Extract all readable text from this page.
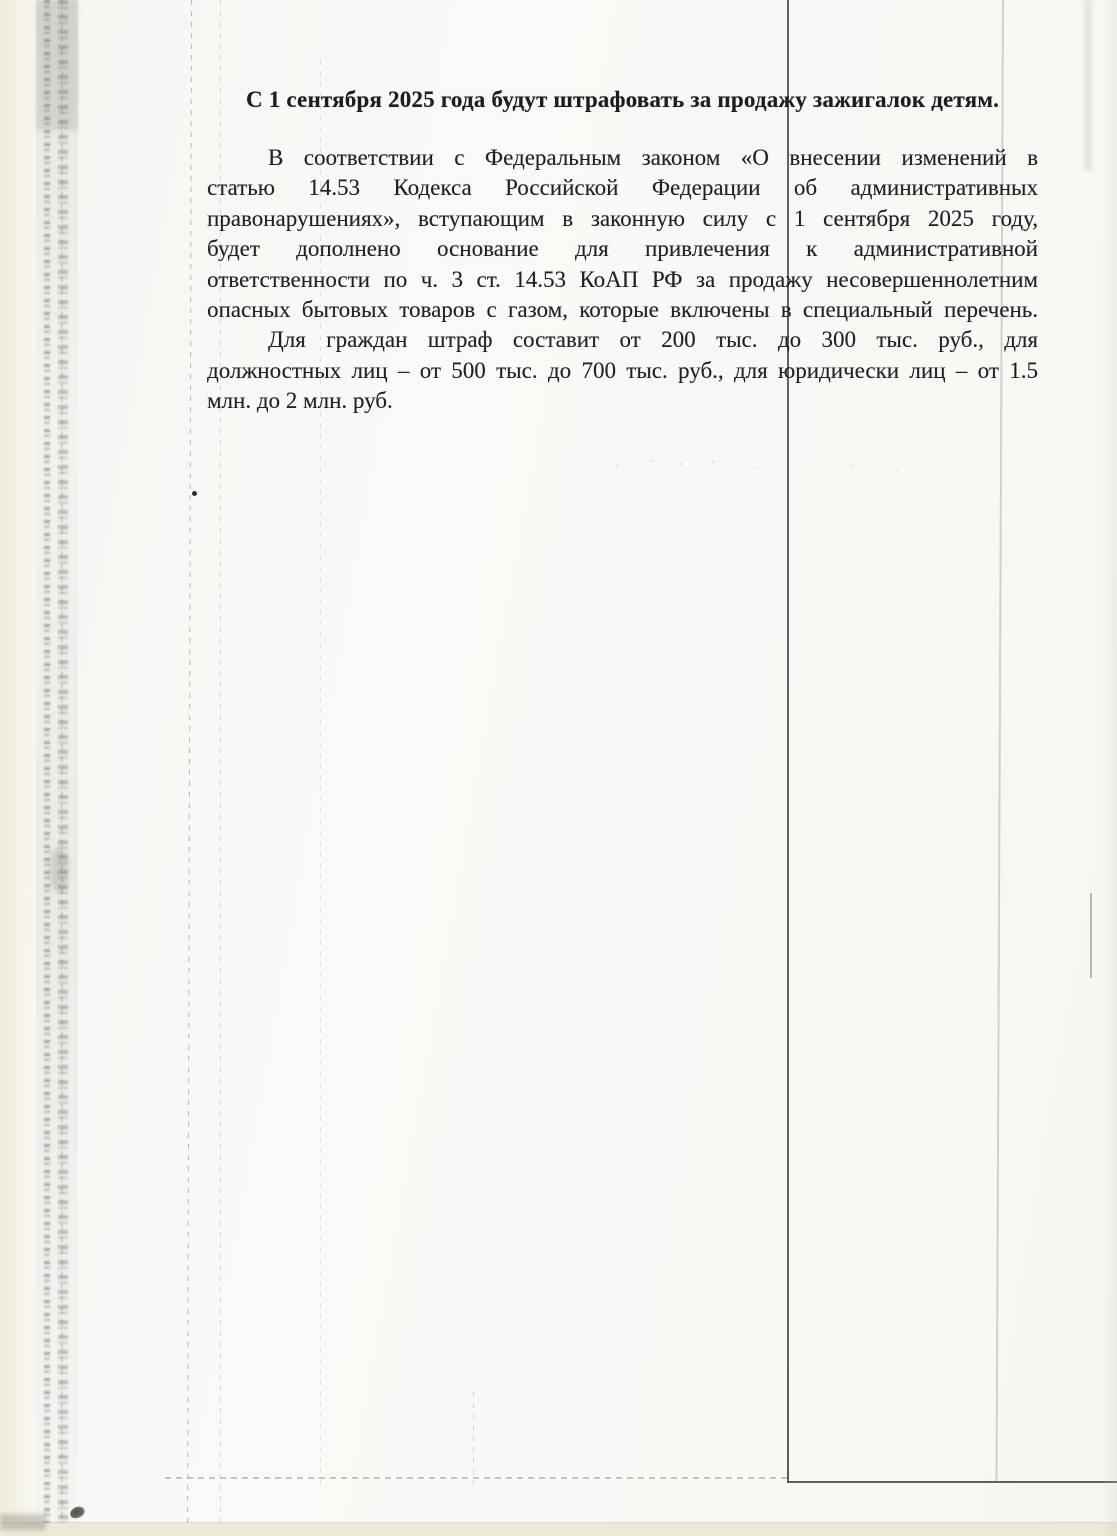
С 1 сентября 2025 года будут штрафовать за продажу зажигалок детям.
В соответствии с Федеральным законом «О внесении изменений в
статью 14.53 Кодекса Российской Федерации об административных
правонарушениях», вступающим в законную силу с 1 сентября 2025 году,
будет дополнено основание для привлечения к административной
ответственности по ч. 3 ст. 14.53 КоАП РФ за продажу несовершеннолетним
опасных бытовых товаров с газом, которые включены в специальный перечень.
Для граждан штраф составит от 200 тыс. до 300 тыс. руб., для
должностных лиц – от 500 тыс. до 700 тыс. руб., для юридически лиц – от 1.5
млн. до 2 млн. руб.
